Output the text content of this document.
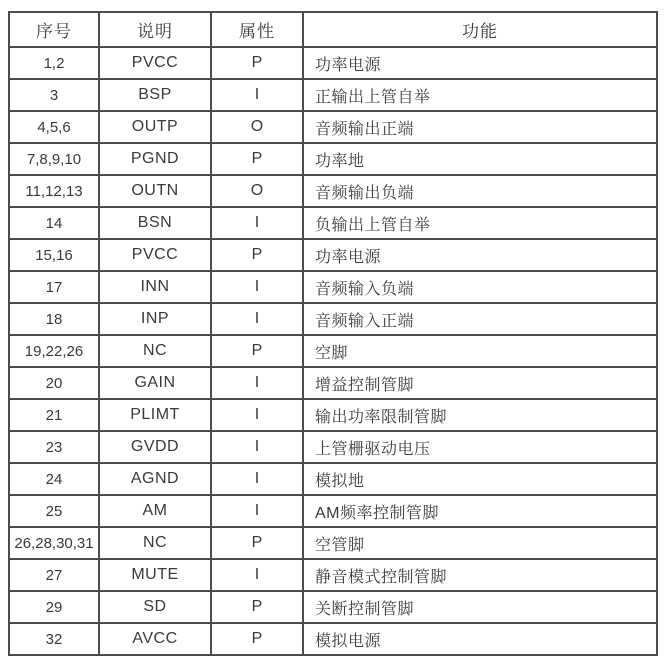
序号	说明	属性	功能
1,2	PVCC	P	功率电源
3	BSP	I	正输出上管自举
4,5,6	OUTP	O	音频输出正端
7,8,9,10	PGND	P	功率地
11,12,13	OUTN	O	音频输出负端
14	BSN	I	负输出上管自举
15,16	PVCC	P	功率电源
17	INN	I	音频输入负端
18	INP	I	音频输入正端
19,22,26	NC	P	空脚
20	GAIN	I	增益控制管脚
21	PLIMT	I	输出功率限制管脚
23	GVDD	I	上管栅驱动电压
24	AGND	I	模拟地
25	AM	I	AM频率控制管脚
26,28,30,31	NC	P	空管脚
27	MUTE	I	静音模式控制管脚
29	SD	P	关断控制管脚
32	AVCC	P	模拟电源
